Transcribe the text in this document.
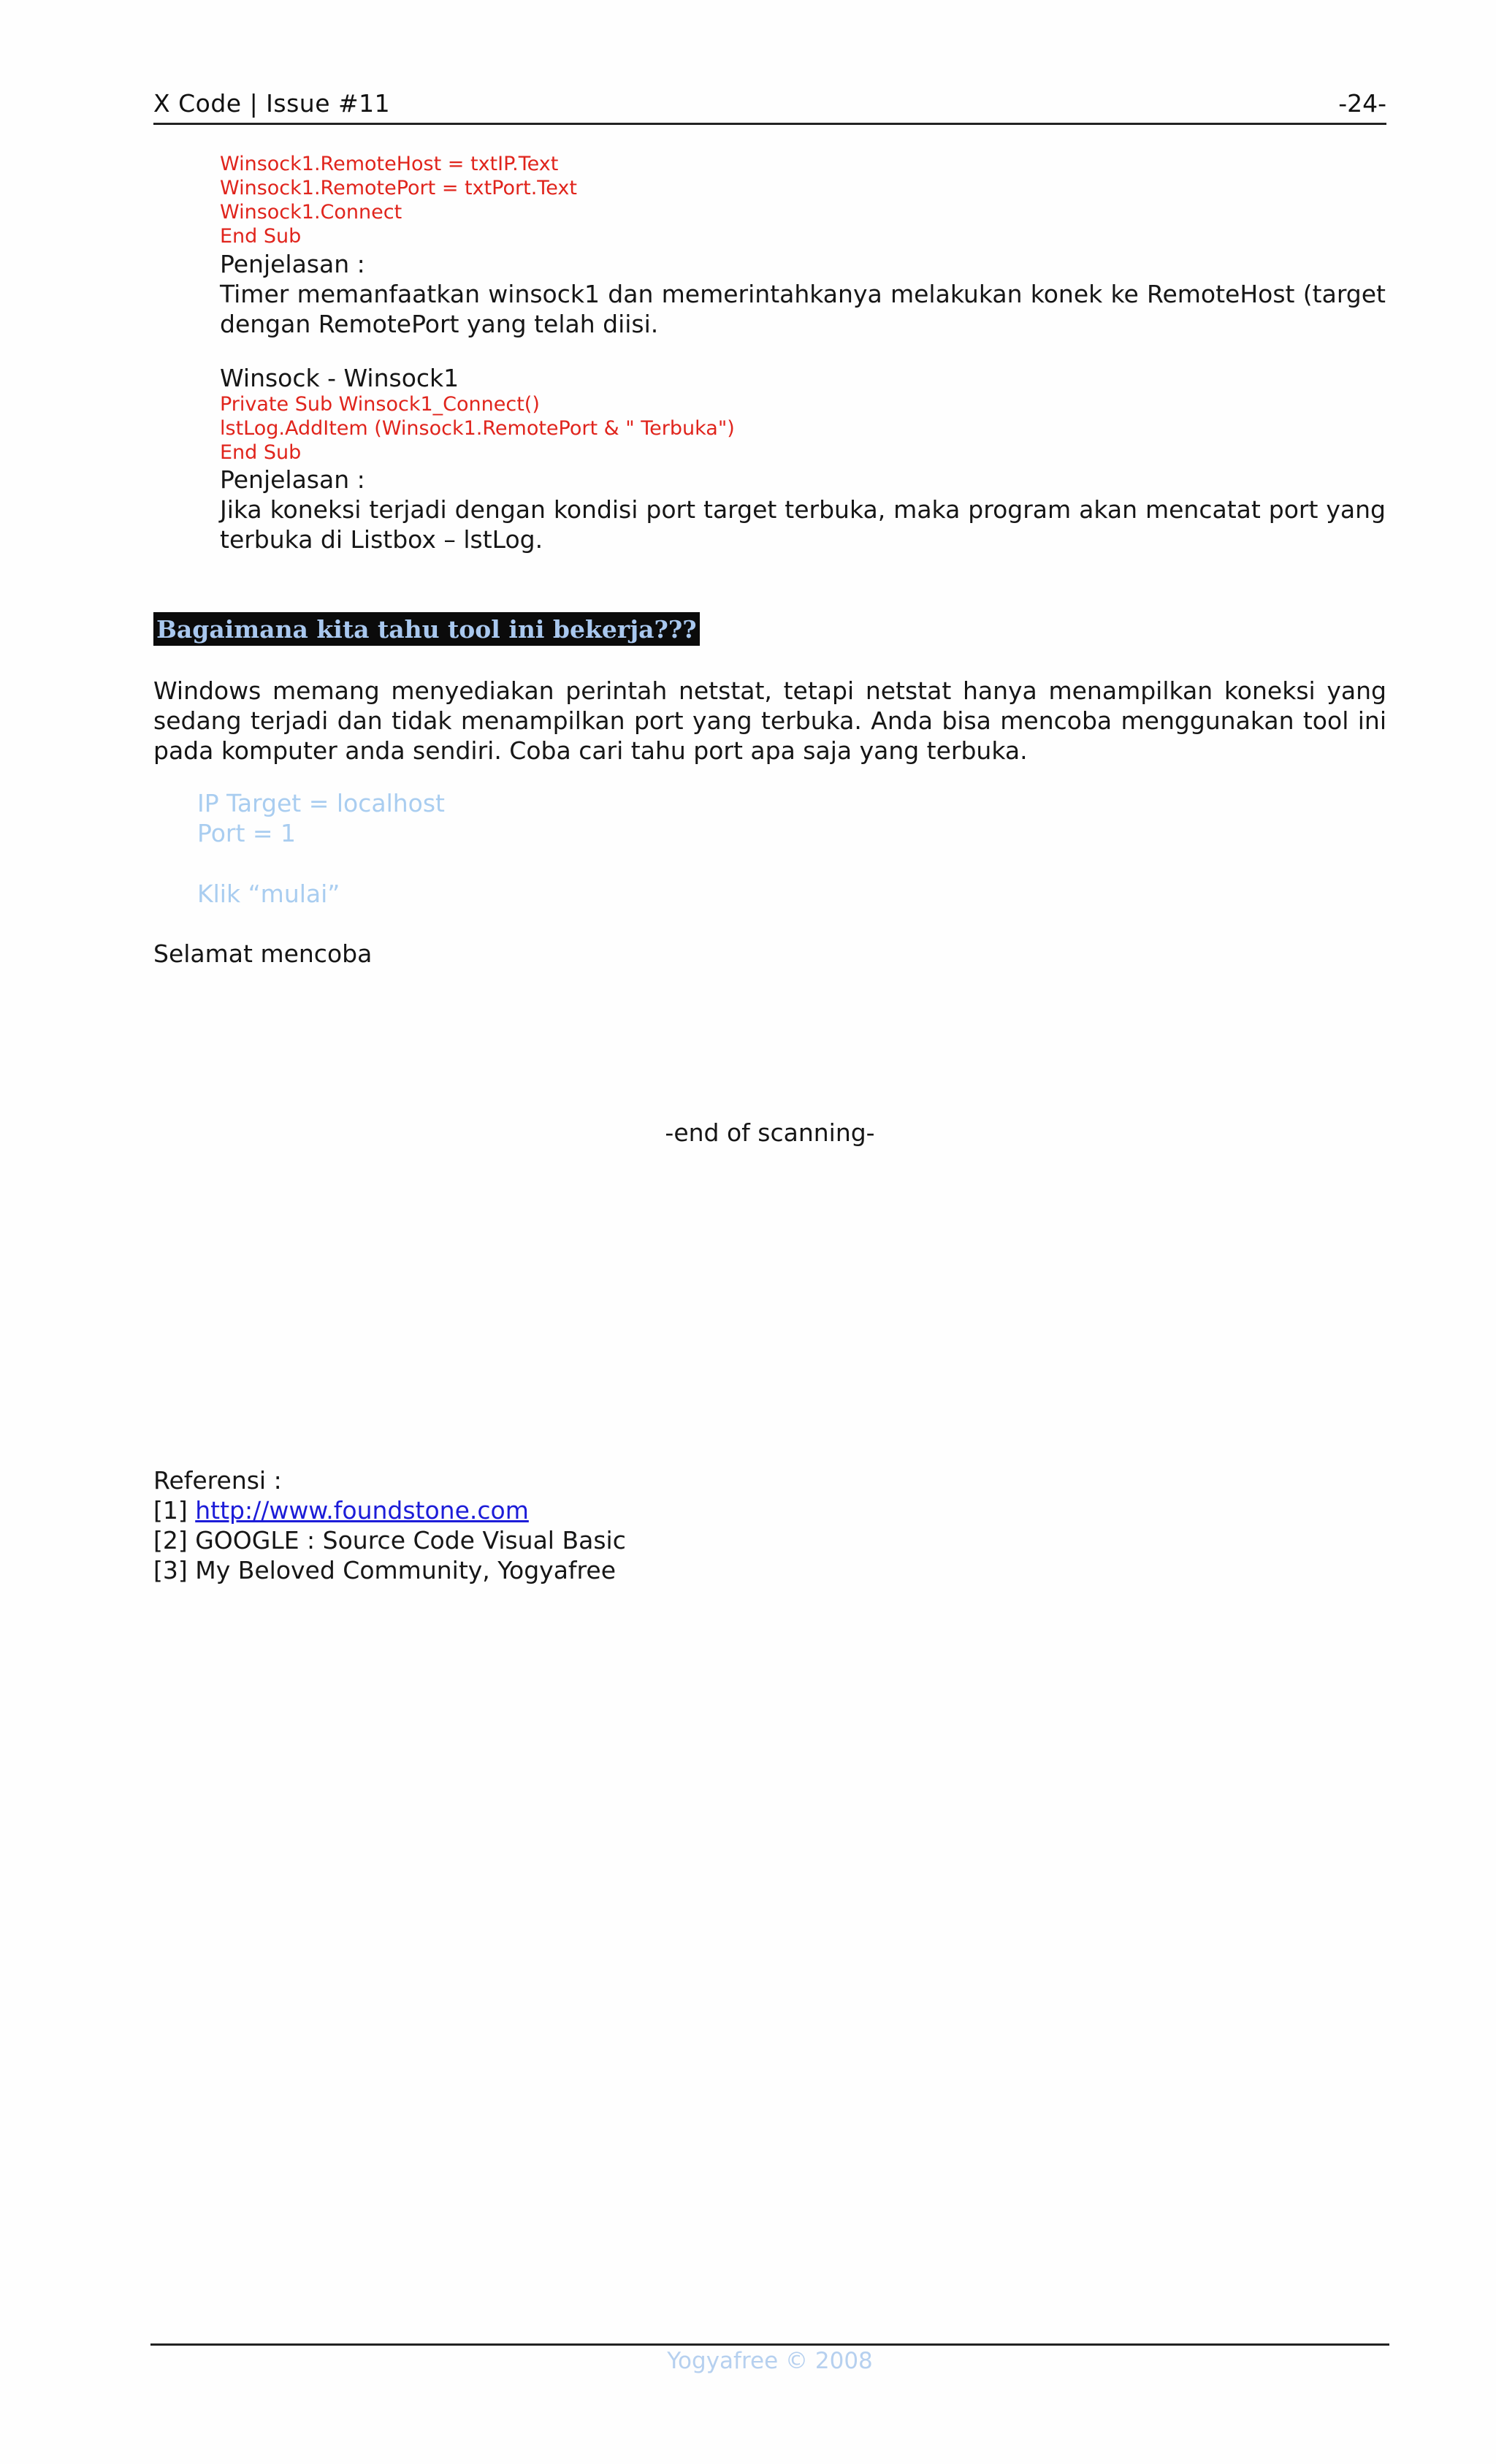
X Code | Issue #11	-24-
Winsock1.RemoteHost = txtIP.Text
Winsock1.RemotePort = txtPort.Text
Winsock1.Connect
End Sub
Penjelasan :
Timer memanfaatkan winsock1 dan memerintahkanya melakukan konek ke RemoteHost (target dengan RemotePort yang telah diisi.
Winsock - Winsock1
Private Sub Winsock1_Connect()
lstLog.AddItem (Winsock1.RemotePort & " Terbuka")
End Sub
Penjelasan :
Jika koneksi terjadi dengan kondisi port target terbuka, maka program akan mencatat port yang terbuka di Listbox – lstLog.
Bagaimana kita tahu tool ini bekerja???
Windows memang menyediakan perintah netstat, tetapi netstat hanya menampilkan koneksi yang sedang terjadi dan tidak menampilkan port yang terbuka. Anda bisa mencoba menggunakan tool ini pada komputer anda sendiri. Coba cari tahu port apa saja yang terbuka.
IP Target = localhost
Port = 1
Klik “mulai”
Selamat mencoba
-end of scanning-
Referensi :
[1] http://www.foundstone.com
[2] GOOGLE : Source Code Visual Basic
[3] My Beloved Community, Yogyafree
Yogyafree © 2008
